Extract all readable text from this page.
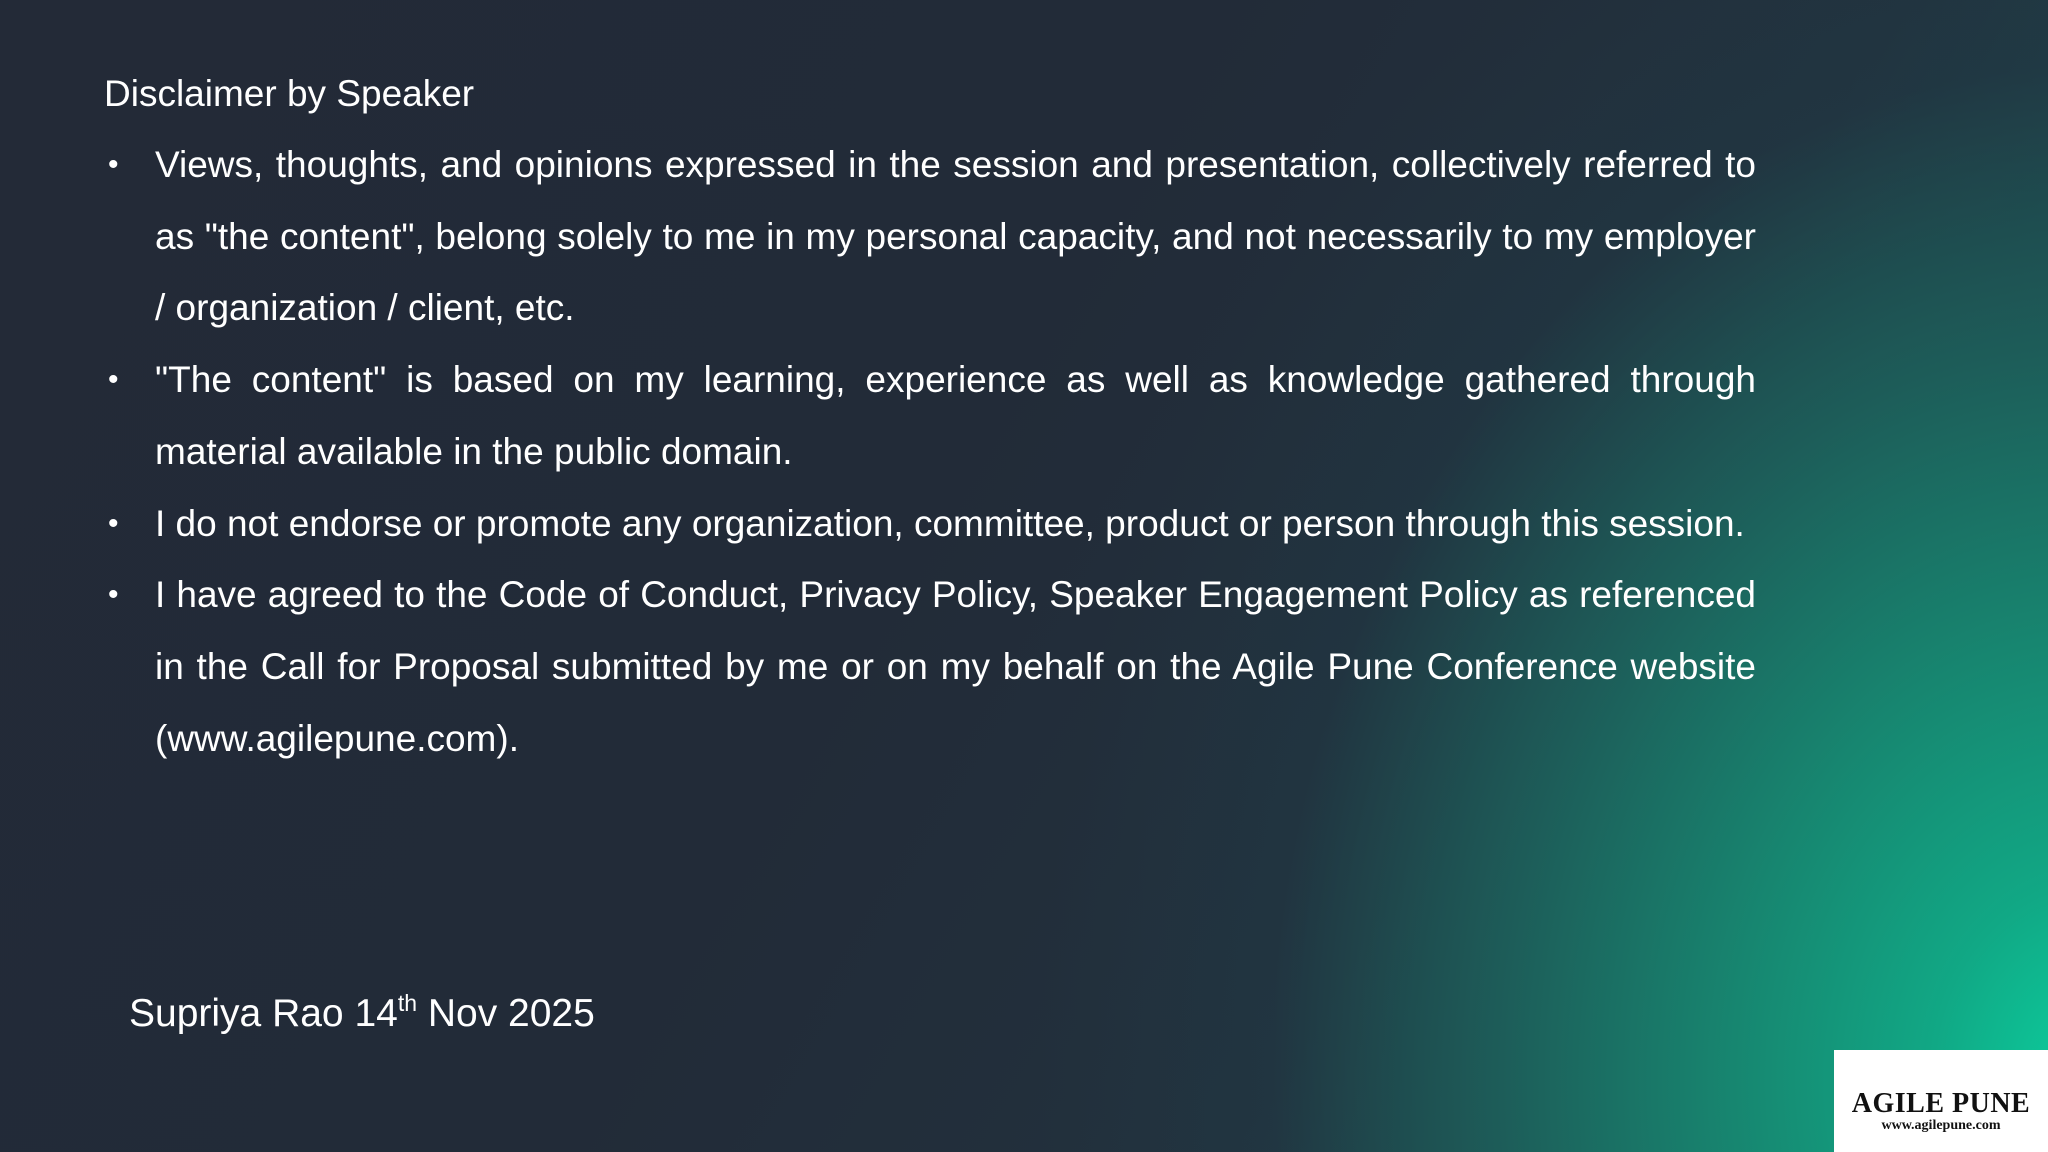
Disclaimer by Speaker
• Views, thoughts, and opinions expressed in the session and presentation, collectively referred to as "the content", belong solely to me in my personal capacity, and not necessarily to my employer / organization / client, etc.
• "The content" is based on my learning, experience as well as knowledge gathered through material available in the public domain.
• I do not endorse or promote any organization, committee, product or person through this session.
• I have agreed to the Code of Conduct, Privacy Policy, Speaker Engagement Policy as referenced in the Call for Proposal submitted by me or on my behalf on the Agile Pune Conference website (www.agilepune.com).
Supriya Rao 14th Nov 2025
AGILE PUNE
www.agilepune.com
